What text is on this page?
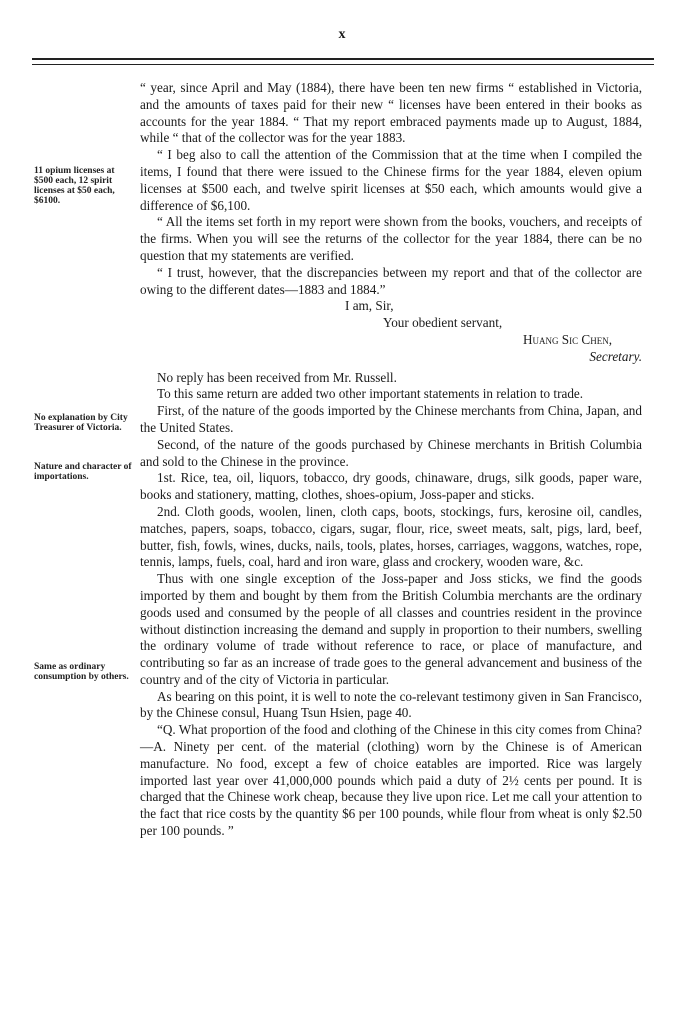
x
11 opium licenses at $500 each, 12 spirit licenses at $50 each, $6100.
No explanation by City Treasurer of Victoria.
Nature and character of importations.
Same as ordinary consumption by others.

“ year, since April and May (1884), there have been ten new firms “ established in Victoria, and the amounts of taxes paid for their new “ licenses have been entered in their books as accounts for the year 1884. “ That my report embraced payments made up to August, 1884, while “ that of the collector was for the year 1883.

“ I beg also to call the attention of the Commission that at the time when I compiled the items, I found that there were issued to the Chinese firms for the year 1884, eleven opium licenses at $500 each, and twelve spirit licenses at $50 each, which amounts would give a difference of $6,100.

“ All the items set forth in my report were shown from the books, vouchers, and receipts of the firms. When you will see the returns of the collector for the year 1884, there can be no question that my statements are verified.

“ I trust, however, that the discrepancies between my report and that of the collector are owing to the different dates—1883 and 1884.”

I am, Sir,

Your obedient servant,

Huang Sic Chen,

Secretary.

No reply has been received from Mr. Russell.

To this same return are added two other important statements in relation to trade.

First, of the nature of the goods imported by the Chinese merchants from China, Japan, and the United States.

Second, of the nature of the goods purchased by Chinese merchants in British Columbia and sold to the Chinese in the province.

1st. Rice, tea, oil, liquors, tobacco, dry goods, chinaware, drugs, silk goods, paper ware, books and stationery, matting, clothes, shoes-opium, Joss-paper and sticks.

2nd. Cloth goods, woolen, linen, cloth caps, boots, stockings, furs, kerosine oil, candles, matches, papers, soaps, tobacco, cigars, sugar, flour, rice, sweet meats, salt, pigs, lard, beef, butter, fish, fowls, wines, ducks, nails, tools, plates, horses, carriages, waggons, watches, rope, tennis, lamps, fuels, coal, hard and iron ware, glass and crockery, wooden ware, &c.

Thus with one single exception of the Joss-paper and Joss sticks, we find the goods imported by them and bought by them from the British Columbia merchants are the ordinary goods used and consumed by the people of all classes and countries resident in the province without distinction increasing the demand and supply in proportion to their numbers, swelling the ordinary volume of trade without reference to race, or place of manufacture, and contributing so far as an increase of trade goes to the general advancement and business of the country and of the city of Victoria in particular.

As bearing on this point, it is well to note the co-relevant testimony given in San Francisco, by the Chinese consul, Huang Tsun Hsien, page 40.

“Q. What proportion of the food and clothing of the Chinese in this city comes from China?—A. Ninety per cent. of the material (clothing) worn by the Chinese is of American manufacture. No food, except a few of choice eatables are imported. Rice was largely imported last year over 41,000,000 pounds which paid a duty of 2½ cents per pound. It is charged that the Chinese work cheap, because they live upon rice. Let me call your attention to the fact that rice costs by the quantity $6 per 100 pounds, while flour from wheat is only $2.50 per 100 pounds. ”
